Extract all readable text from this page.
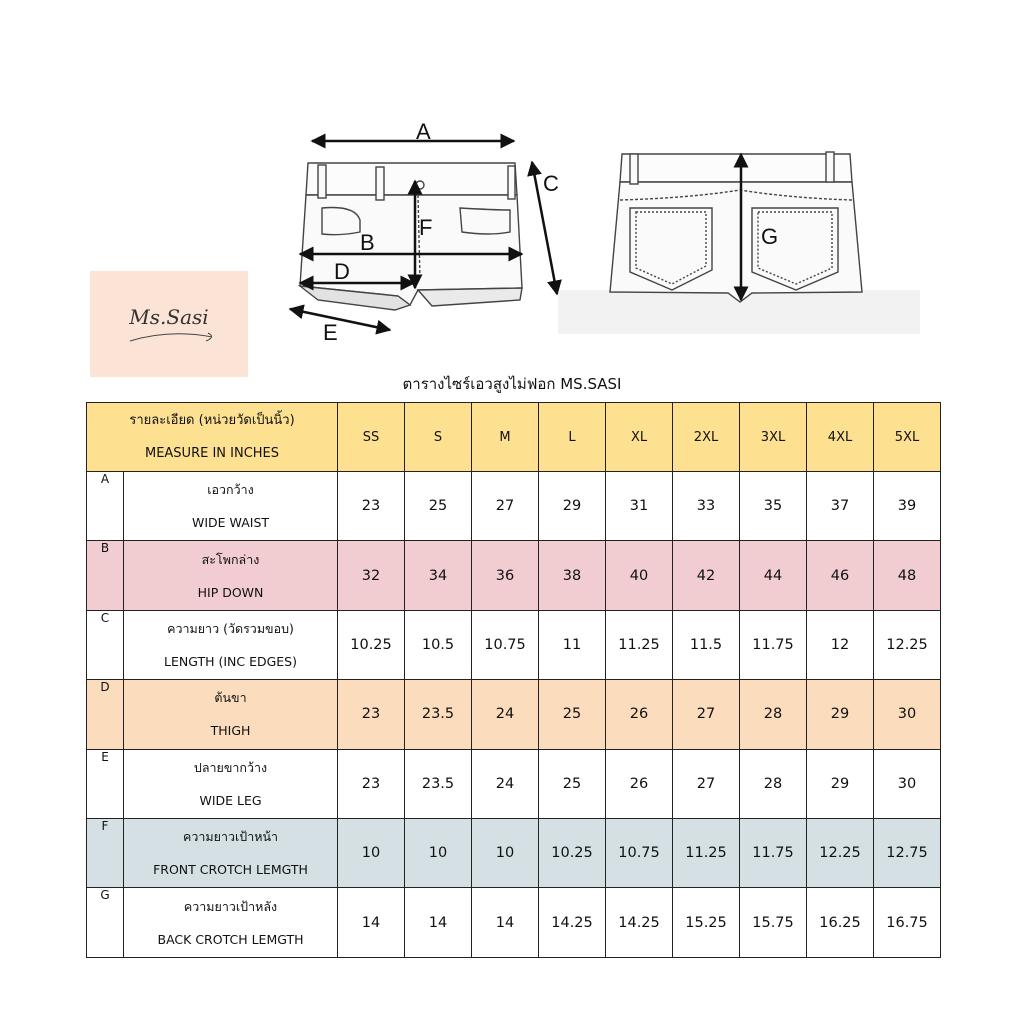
A
B
C
D
E
F	G
Ms.Sasi
ตารางไซร์เอวสูงไม่ฟอก MS.SASI
รายละเอียด (หน่วยวัดเป็นนิ้ว)
MEASURE IN INCHES		SS	S	M	L	XL	2XL	3XL	4XL	5XL
A	เอวกว้าง
WIDE WAIST	23	25	27	29	31	33	35	37	39
B	สะโพกล่าง
HIP DOWN	32	34	36	38	40	42	44	46	48
C	ความยาว (วัดรวมขอบ)
LENGTH (INC EDGES)	10.25	10.5	10.75	11	11.25	11.5	11.75	12	12.25
D	ต้นขา
THIGH	23	23.5	24	25	26	27	28	29	30
E	ปลายขากว้าง
WIDE LEG	23	23.5	24	25	26	27	28	29	30
F	ความยาวเป้าหน้า
FRONT CROTCH LEMGTH	10	10	10	10.25	10.75	11.25	11.75	12.25	12.75
G	ความยาวเป้าหลัง
BACK CROTCH LEMGTH	14	14	14	14.25	14.25	15.25	15.75	16.25	16.75
